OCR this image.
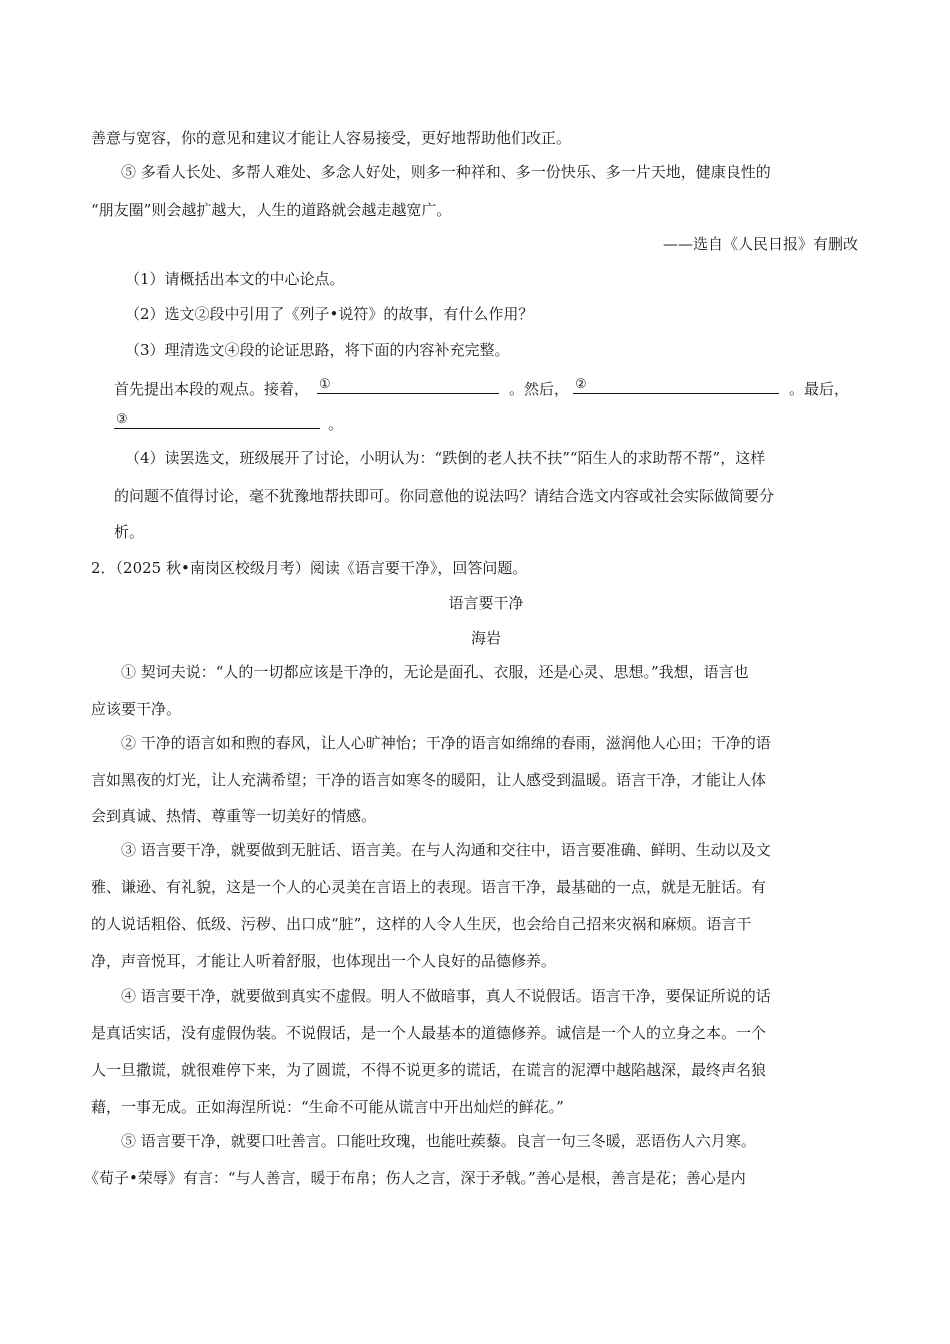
善意与宽容，你的意见和建议才能让人容易接受，更好地帮助他们改正。
⑤ 多看人长处、多帮人难处、多念人好处，则多一种祥和、多一份快乐、多一片天地，健康良性的
“朋友圈”则会越扩越大，人生的道路就会越走越宽广。
——选自《人民日报》有删改
（1）请概括出本文的中心论点。
（2）选文②段中引用了《列子•说符》的故事，有什么作用？
（3）理清选文④段的论证思路，将下面的内容补充完整。
首先提出本段的观点。接着， ①	。然后， ②	。最后，
③	。
（4）读罢选文，班级展开了讨论，小明认为：“跌倒的老人扶不扶”“陌生人的求助帮不帮”，这样
的问题不值得讨论，毫不犹豫地帮扶即可。你同意他的说法吗？请结合选文内容或社会实际做简要分
析。
2．（2025 秋•南岗区校级月考）阅读《语言要干净》，回答问题。
语言要干净
海岩
① 契诃夫说：“人的一切都应该是干净的，无论是面孔、衣服，还是心灵、思想。”我想，语言也
应该要干净。
② 干净的语言如和煦的春风，让人心旷神怡；干净的语言如绵绵的春雨，滋润他人心田；干净的语
言如黑夜的灯光，让人充满希望；干净的语言如寒冬的暖阳，让人感受到温暖。语言干净，才能让人体
会到真诚、热情、尊重等一切美好的情感。
③ 语言要干净，就要做到无脏话、语言美。在与人沟通和交往中，语言要准确、鲜明、生动以及文
雅、谦逊、有礼貌，这是一个人的心灵美在言语上的表现。语言干净，最基础的一点，就是无脏话。有
的人说话粗俗、低级、污秽、出口成“脏”，这样的人令人生厌，也会给自己招来灾祸和麻烦。语言干
净，声音悦耳，才能让人听着舒服，也体现出一个人良好的品德修养。
④ 语言要干净，就要做到真实不虚假。明人不做暗事，真人不说假话。语言干净，要保证所说的话
是真话实话，没有虚假伪装。不说假话，是一个人最基本的道德修养。诚信是一个人的立身之本。一个
人一旦撒谎，就很难停下来，为了圆谎，不得不说更多的谎话，在谎言的泥潭中越陷越深，最终声名狼
藉，一事无成。正如海涅所说：“生命不可能从谎言中开出灿烂的鲜花。”
⑤ 语言要干净，就要口吐善言。口能吐玫瑰，也能吐蒺藜。良言一句三冬暖，恶语伤人六月寒。
《荀子•荣辱》有言：“与人善言，暖于布帛；伤人之言，深于矛戟。”善心是根，善言是花；善心是内
